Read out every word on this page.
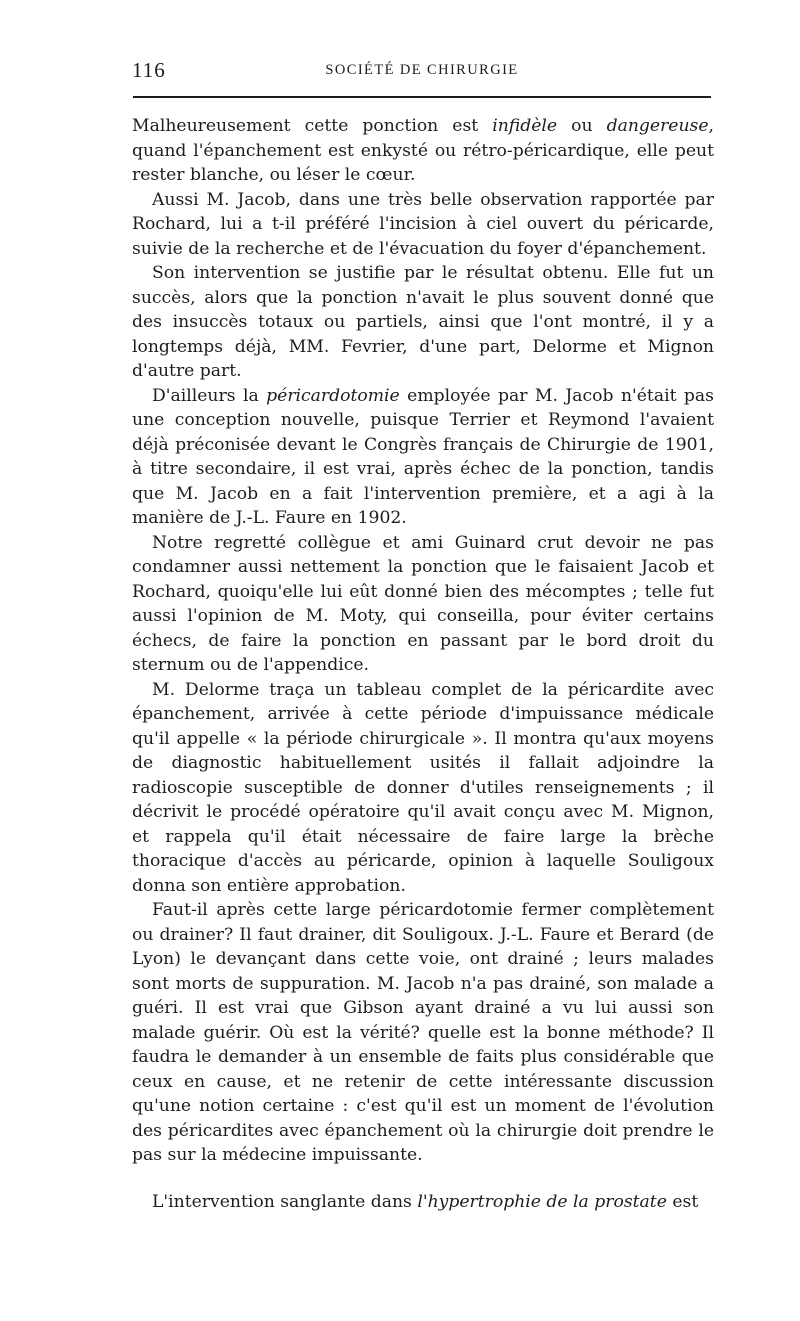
116	SOCIÉTÉ DE CHIRURGIE

Malheureusement cette ponction est infidèle ou dangereuse, quand l'épanchement est enkysté ou rétro-péricardique, elle peut rester blanche, ou léser le cœur.

Aussi M. Jacob, dans une très belle observation rapportée par Rochard, lui a t-il préféré l'incision à ciel ouvert du péricarde, suivie de la recherche et de l'évacuation du foyer d'épanchement.

Son intervention se justifie par le résultat obtenu. Elle fut un succès, alors que la ponction n'avait le plus souvent donné que des insuccès totaux ou partiels, ainsi que l'ont montré, il y a longtemps déjà, MM. Fevrier, d'une part, Delorme et Mignon d'autre part.

D'ailleurs la péricardotomie employée par M. Jacob n'était pas une conception nouvelle, puisque Terrier et Reymond l'avaient déjà préconisée devant le Congrès français de Chirurgie de 1901, à titre secondaire, il est vrai, après échec de la ponction, tandis que M. Jacob en a fait l'intervention première, et a agi à la manière de J.-L. Faure en 1902.

Notre regretté collègue et ami Guinard crut devoir ne pas condamner aussi nettement la ponction que le faisaient Jacob et Rochard, quoiqu'elle lui eût donné bien des mécomptes ; telle fut aussi l'opinion de M. Moty, qui conseilla, pour éviter certains échecs, de faire la ponction en passant par le bord droit du sternum ou de l'appendice.

M. Delorme traça un tableau complet de la péricardite avec épanchement, arrivée à cette période d'impuissance médicale qu'il appelle « la période chirurgicale ». Il montra qu'aux moyens de diagnostic habituellement usités il fallait adjoindre la radioscopie susceptible de donner d'utiles renseignements ; il décrivit le procédé opératoire qu'il avait conçu avec M. Mignon, et rappela qu'il était nécessaire de faire large la brèche thoracique d'accès au péricarde, opinion à laquelle Souligoux donna son entière approbation.

Faut-il après cette large péricardotomie fermer complètement ou drainer? Il faut drainer, dit Souligoux. J.-L. Faure et Berard (de Lyon) le devançant dans cette voie, ont drainé ; leurs malades sont morts de suppuration. M. Jacob n'a pas drainé, son malade a guéri. Il est vrai que Gibson ayant drainé a vu lui aussi son malade guérir. Où est la vérité? quelle est la bonne méthode? Il faudra le demander à un ensemble de faits plus considérable que ceux en cause, et ne retenir de cette intéressante discussion qu'une notion certaine : c'est qu'il est un moment de l'évolution des péricardites avec épanchement où la chirurgie doit prendre le pas sur la médecine impuissante.

L'intervention sanglante dans l'hypertrophie de la prostate est
